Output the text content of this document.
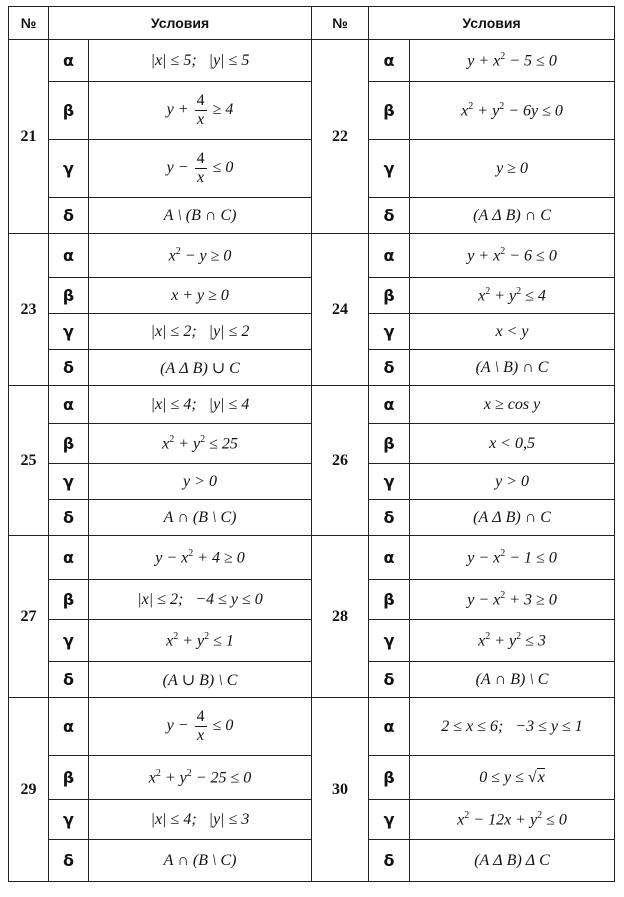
№	Условия		№	Условия	
21	α	|x| ≤ 5;   |y| ≤ 5	22	α	$y + x^2 - 5 \le 0$
	β	$y + \frac{4}{x} \ge 4$		β	$x^2 + y^2 - 6y \le 0$
	γ	$y - \frac{4}{x} \le 0$		γ	y ≥ 0
	δ	A \ (B ∩ C)		δ	(A Δ B) ∩ C
23	α	$x^2 - y \ge 0$	24	α	$y + x^2 - 6 \le 0$
	β	x + y ≥ 0		β	$x^2 + y^2 \le 4$
	γ	|x| ≤ 2;   |y| ≤ 2		γ	x < y
	δ	(A Δ B) ∪ C		δ	(A \ B) ∩ C
25	α	|x| ≤ 4;   |y| ≤ 4	26	α	x ≥ cos y
	β	$x^2 + y^2 \le 25$		β	x < 0,5
	γ	y > 0		γ	y > 0
	δ	A ∩ (B \ C)		δ	(A Δ B) ∩ C
27	α	$y - x^2 + 4 \ge 0$	28	α	$y - x^2 - 1 \le 0$
	β	|x| ≤ 2;   −4 ≤ y ≤ 0		β	$y - x^2 + 3 \ge 0$
	γ	$x^2 + y^2 \le 1$		γ	$x^2 + y^2 \le 3$
	δ	(A ∪ B) \ C		δ	(A ∩ B) \ C
29	α	$y - \frac{4}{x} \le 0$	30	α	2 ≤ x ≤ 6;   −3 ≤ y ≤ 1
	β	$x^2 + y^2 - 25 \le 0$		β	0 ≤ y ≤ √x
	γ	|x| ≤ 4;   |y| ≤ 3		γ	$x^2 - 12x + y^2 \le 0$
	δ	A ∩ (B \ C)		δ	(A Δ B) Δ C
